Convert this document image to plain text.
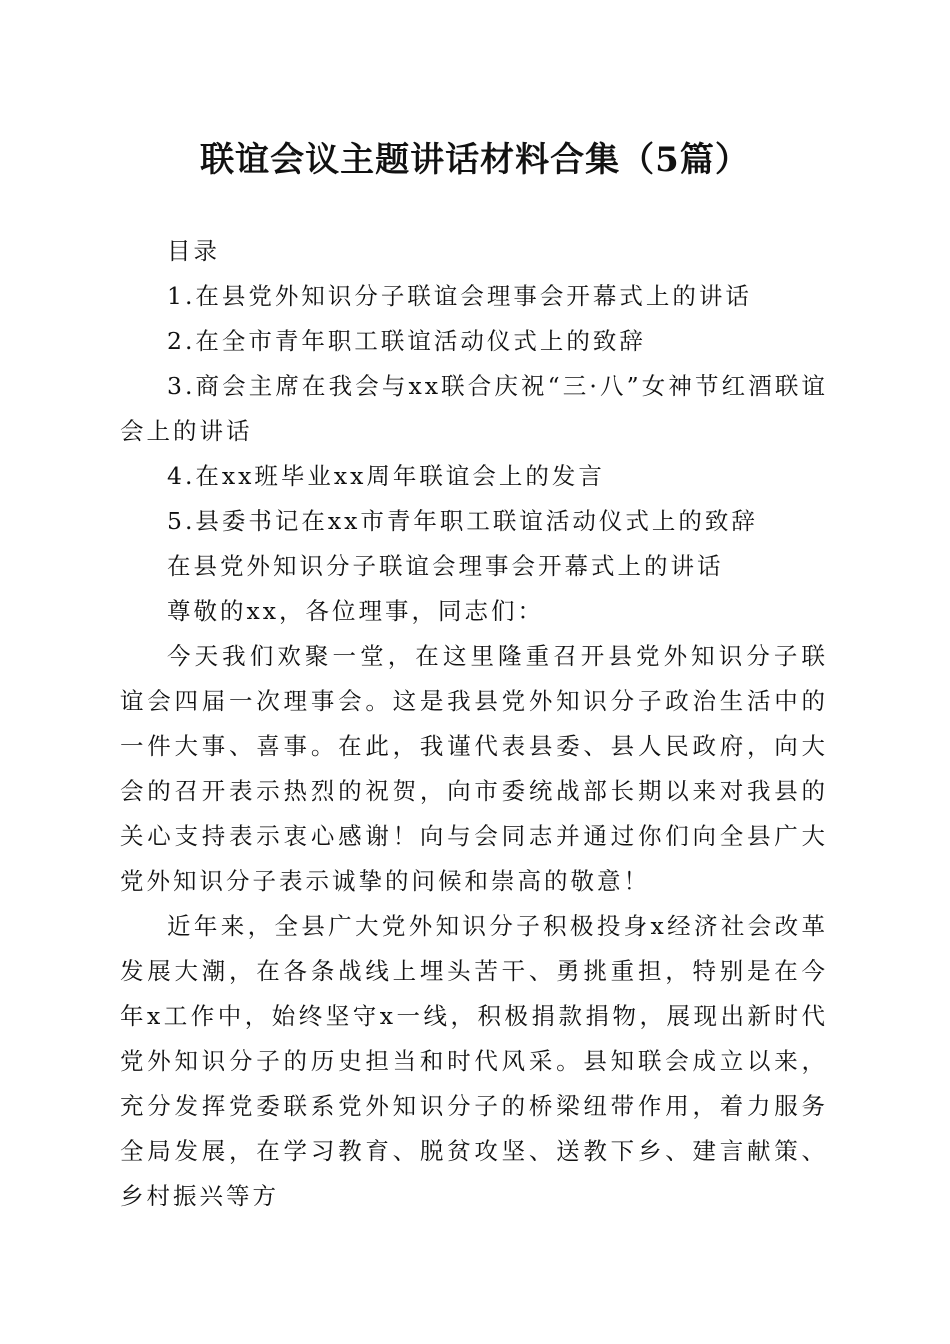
联谊会议主题讲话材料合集（5篇）

目录

1.在县党外知识分子联谊会理事会开幕式上的讲话

2.在全市青年职工联谊活动仪式上的致辞

3.商会主席在我会与xx联合庆祝“三·八”女神节红酒联谊会上的讲话

4.在xx班毕业xx周年联谊会上的发言

5.县委书记在xx市青年职工联谊活动仪式上的致辞

在县党外知识分子联谊会理事会开幕式上的讲话

尊敬的xx，各位理事，同志们：

今天我们欢聚一堂，在这里隆重召开县党外知识分子联谊会四届一次理事会。这是我县党外知识分子政治生活中的一件大事、喜事。在此，我谨代表县委、县人民政府，向大会的召开表示热烈的祝贺，向市委统战部长期以来对我县的关心支持表示衷心感谢！向与会同志并通过你们向全县广大党外知识分子表示诚挚的问候和崇高的敬意！

近年来，全县广大党外知识分子积极投身x经济社会改革发展大潮，在各条战线上埋头苦干、勇挑重担，特别是在今年x工作中，始终坚守x一线，积极捐款捐物，展现出新时代党外知识分子的历史担当和时代风采。县知联会成立以来，充分发挥党委联系党外知识分子的桥梁纽带作用，着力服务全局发展，在学习教育、脱贫攻坚、送教下乡、建言献策、乡村振兴等方
